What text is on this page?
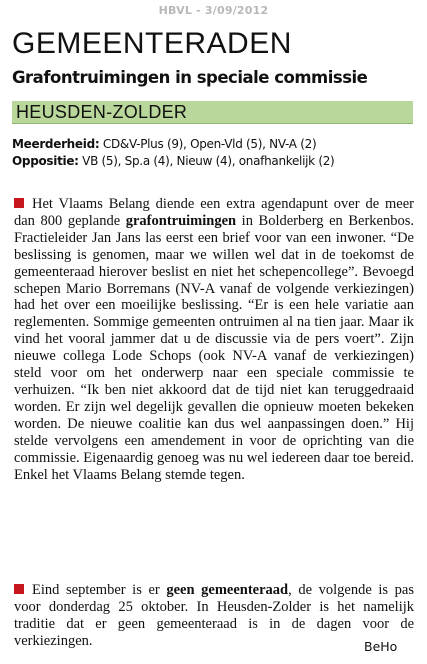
HBVL - 3/09/2012
GEMEENTERADEN
Grafontruimingen in speciale commissie
HEUSDEN-ZOLDER
Meerderheid: CD&V-Plus (9), Open-Vld (5), NV-A (2)
Oppositie: VB (5), Sp.a (4), Nieuw (4), onafhankelijk (2)
Het Vlaams Belang diende een extra agendapunt over de meer dan 800 geplande grafontruimingen in Bolderberg en Berkenbos. Fractieleider Jan Jans las eerst een brief voor van een inwoner. “De beslissing is genomen, maar we willen wel dat in de toekomst de gemeenteraad hierover beslist en niet het schepencollege”. Bevoegd schepen Mario Borremans (NV-A vanaf de volgende verkiezingen) had het over een moeilijke beslissing. “Er is een hele variatie aan reglementen. Sommige gemeenten ontruimen al na tien jaar. Maar ik vind het vooral jammer dat u de discussie via de pers voert”. Zijn nieuwe collega Lode Schops (ook NV-A vanaf de verkiezingen) steld voor om het onderwerp naar een speciale commissie te verhuizen. “Ik ben niet akkoord dat de tijd niet kan teruggedraaid worden. Er zijn wel degelijk gevallen die opnieuw moeten bekeken worden. De nieuwe coalitie kan dus wel aanpassingen doen.” Hij stelde vervolgens een amendement in voor de oprichting van die commissie. Eigenaardig genoeg was nu wel iedereen daar toe bereid. Enkel het Vlaams Belang stemde tegen.
Eind september is er geen gemeenteraad, de volgende is pas voor donderdag 25 oktober. In Heusden-Zolder is het namelijk traditie dat er geen gemeenteraad is in de dagen voor de verkiezingen.	BeHo
